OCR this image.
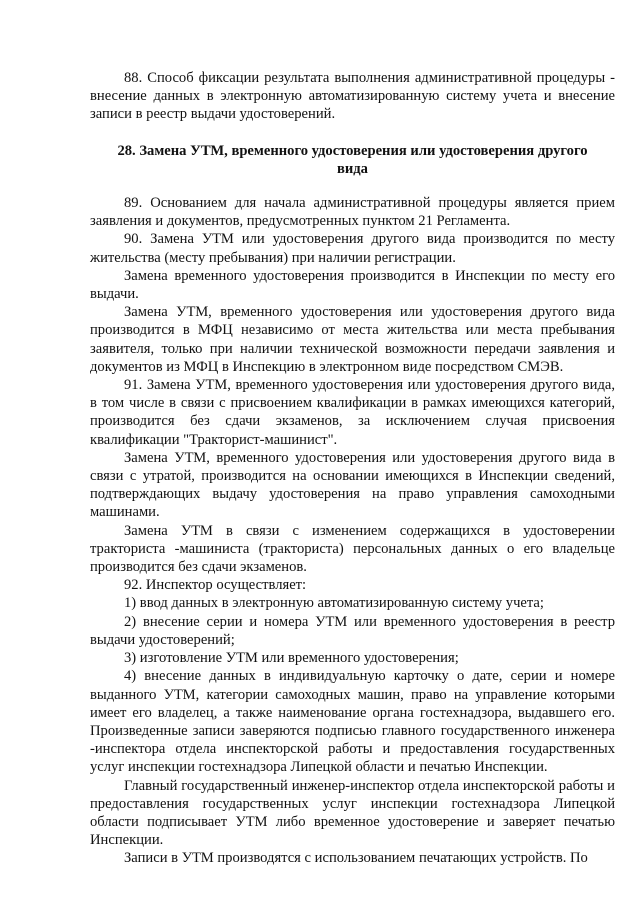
88. Способ фиксации результата выполнения административной процедуры - внесение данных в электронную автоматизированную систему учета и внесение записи в реестр выдачи удостоверений.

28. Замена УТМ, временного удостоверения или удостоверения другого вида

89. Основанием для начала административной процедуры является прием заявления и документов, предусмотренных пунктом 21 Регламента.

90. Замена УТМ или удостоверения другого вида производится по месту жительства (месту пребывания) при наличии регистрации.

Замена временного удостоверения производится в Инспекции по месту его выдачи.

Замена УТМ, временного удостоверения или удостоверения другого вида производится в МФЦ независимо от места жительства или места пребывания заявителя, только при наличии технической возможности передачи заявления и документов из МФЦ в Инспекцию в электронном виде посредством СМЭВ.

91. Замена УТМ, временного удостоверения или удостоверения другого вида, в том числе в связи с присвоением квалификации в рамках имеющихся категорий, производится без сдачи экзаменов, за исключением случая присвоения квалификации "Тракторист-машинист".

Замена УТМ, временного удостоверения или удостоверения другого вида в связи с утратой, производится на основании имеющихся в Инспекции сведений, подтверждающих выдачу удостоверения на право управления самоходными машинами.

Замена УТМ в связи с изменением содержащихся в удостоверении тракториста -машиниста (тракториста) персональных данных о его владельце производится без сдачи экзаменов.

92. Инспектор осуществляет:

1) ввод данных в электронную автоматизированную систему учета;

2) внесение серии и номера УТМ или временного удостоверения в реестр выдачи удостоверений;

3) изготовление УТМ или временного удостоверения;

4) внесение данных в индивидуальную карточку о дате, серии и номере выданного УТМ, категории самоходных машин, право на управление которыми имеет его владелец, а также наименование органа гостехнадзора, выдавшего его. Произведенные записи заверяются подписью главного государственного инженера -инспектора отдела инспекторской работы и предоставления государственных услуг инспекции гостехнадзора Липецкой области и печатью Инспекции.

Главный государственный инженер-инспектор отдела инспекторской работы и предоставления государственных услуг инспекции гостехнадзора Липецкой области подписывает УТМ либо временное удостоверение и заверяет печатью Инспекции.

Записи в УТМ производятся с использованием печатающих устройств. По
